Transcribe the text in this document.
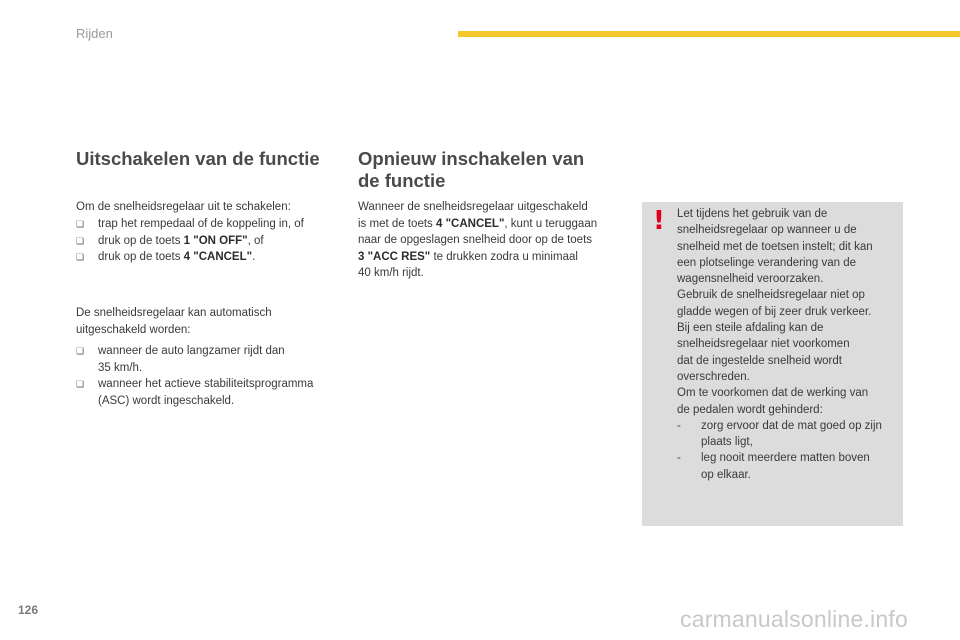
Rijden
Uitschakelen van de functie

Om de snelheidsregelaar uit te schakelen:

❑ trap het rempedaal of de koppeling in, of
❑ druk op de toets 1 "ON OFF", of
❑ druk op de toets 4 "CANCEL".

De snelheidsregelaar kan automatisch
uitgeschakeld worden:

❑ wanneer de auto langzamer rijdt dan
35 km/h.
❑ wanneer het actieve stabiliteitsprogramma
(ASC) wordt ingeschakeld.
Opnieuw inschakelen van
de functie

Wanneer de snelheidsregelaar uitgeschakeld
is met de toets 4 "CANCEL", kunt u teruggaan
naar de opgeslagen snelheid door op de toets
3 "ACC RES" te drukken zodra u minimaal
40 km/h rijdt.

! Let tijdens het gebruik van de

snelheidsregelaar op wanneer u de

snelheid met de toetsen instelt; dit kan

een plotselinge verandering van de

wagensnelheid veroorzaken.

Gebruik de snelheidsregelaar niet op

gladde wegen of bij zeer druk verkeer.

Bij een steile afdaling kan de

snelheidsregelaar niet voorkomen

dat de ingestelde snelheid wordt

overschreden.

Om te voorkomen dat de werking van

de pedalen wordt gehinderd:

- zorg ervoor dat de mat goed op zijn
plaats ligt,
- leg nooit meerdere matten boven
op elkaar.
126	carmanualsonline.info
